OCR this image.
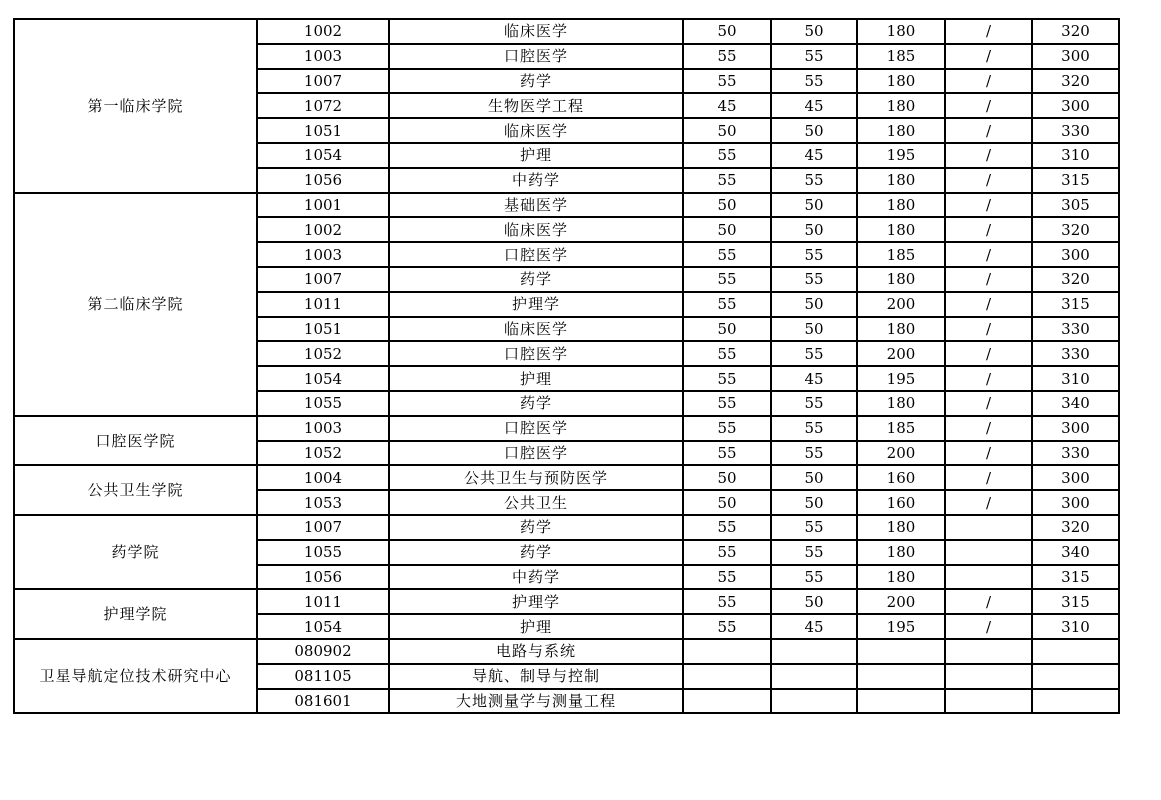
第一临床学院	1002	临床医学	50	50	180	/	320
	1003	口腔医学	55	55	185	/	300
	1007	药学	55	55	180	/	320
	1072	生物医学工程	45	45	180	/	300
	1051	临床医学	50	50	180	/	330
	1054	护理	55	45	195	/	310
	1056	中药学	55	55	180	/	315
第二临床学院	1001	基础医学	50	50	180	/	305
	1002	临床医学	50	50	180	/	320
	1003	口腔医学	55	55	185	/	300
	1007	药学	55	55	180	/	320
	1011	护理学	55	50	200	/	315
	1051	临床医学	50	50	180	/	330
	1052	口腔医学	55	55	200	/	330
	1054	护理	55	45	195	/	310
	1055	药学	55	55	180	/	340
口腔医学院	1003	口腔医学	55	55	185	/	300
	1052	口腔医学	55	55	200	/	330
公共卫生学院	1004	公共卫生与预防医学	50	50	160	/	300
	1053	公共卫生	50	50	160	/	300
药学院	1007	药学	55	55	180		320
	1055	药学	55	55	180		340
	1056	中药学	55	55	180		315
护理学院	1011	护理学	55	50	200	/	315
	1054	护理	55	45	195	/	310
卫星导航定位技术研究中心	080902	电路与系统					
	081105	导航、制导与控制					
	081601	大地测量学与测量工程					
